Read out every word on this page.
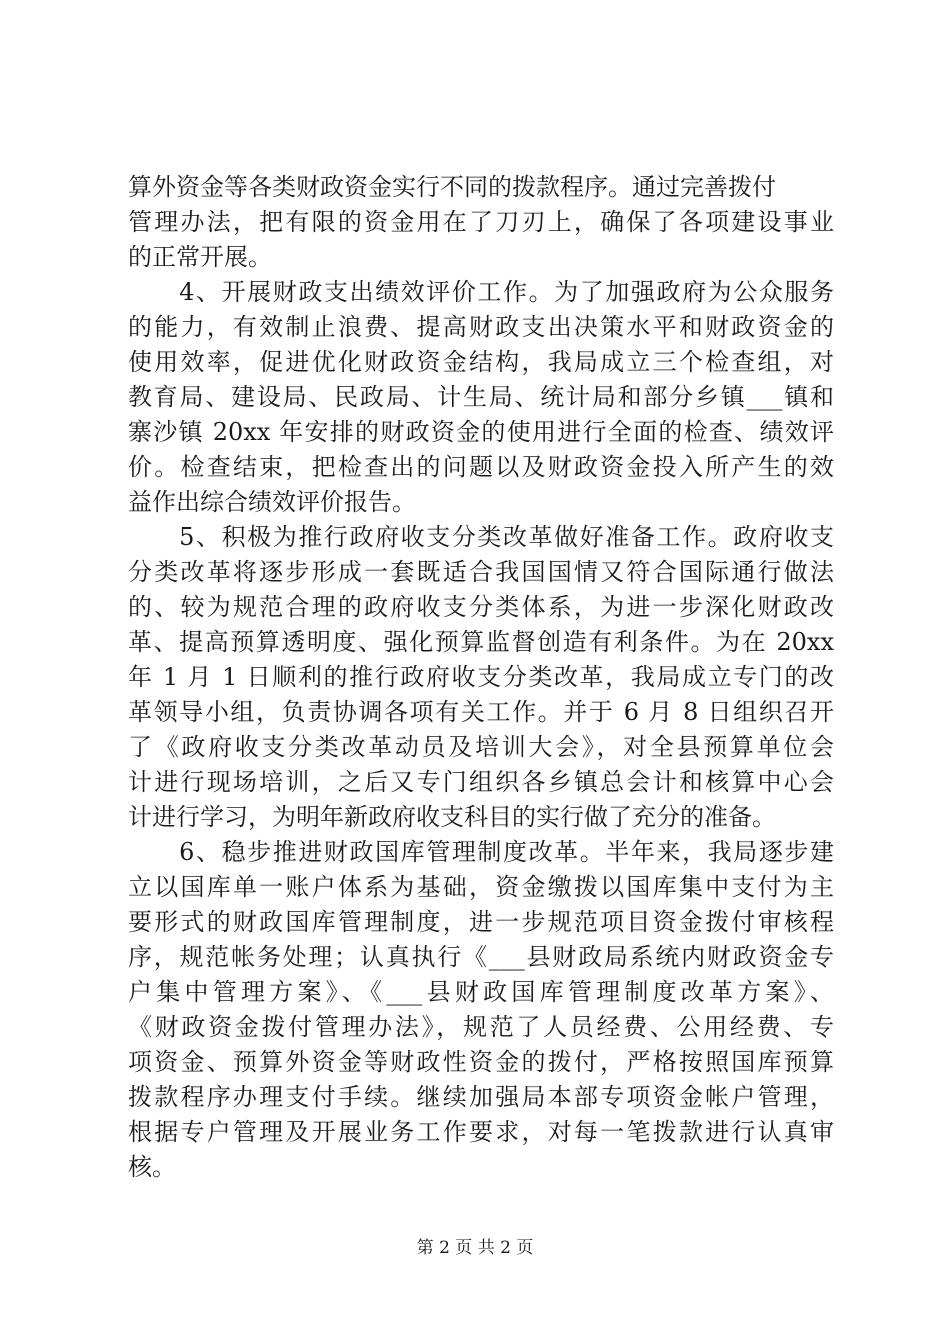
算外资金等各类财政资金实行不同的拨款程序。通过完善拨付
管理办法，把有限的资金用在了刀刃上，确保了各项建设事业
的正常开展。
　　4、开展财政支出绩效评价工作。为了加强政府为公众服务
的能力，有效制止浪费、提高财政支出决策水平和财政资金的
使用效率，促进优化财政资金结构，我局成立三个检查组，对
教育局、建设局、民政局、计生局、统计局和部分乡镇___镇和
寨沙镇 20xx 年安排的财政资金的使用进行全面的检查、绩效评
价。检查结束，把检查出的问题以及财政资金投入所产生的效
益作出综合绩效评价报告。
　　5、积极为推行政府收支分类改革做好准备工作。政府收支
分类改革将逐步形成一套既适合我国国情又符合国际通行做法
的、较为规范合理的政府收支分类体系，为进一步深化财政改
革、提高预算透明度、强化预算监督创造有利条件。为在 20xx
年 1 月 1 日顺利的推行政府收支分类改革，我局成立专门的改
革领导小组，负责协调各项有关工作。并于 6 月 8 日组织召开
了《政府收支分类改革动员及培训大会》，对全县预算单位会
计进行现场培训，之后又专门组织各乡镇总会计和核算中心会
计进行学习，为明年新政府收支科目的实行做了充分的准备。
　　6、稳步推进财政国库管理制度改革。半年来，我局逐步建
立以国库单一账户体系为基础，资金缴拨以国库集中支付为主
要形式的财政国库管理制度，进一步规范项目资金拨付审核程
序，规范帐务处理；认真执行《___县财政局系统内财政资金专
户集中管理方案》、《___县财政国库管理制度改革方案》、
《财政资金拨付管理办法》，规范了人员经费、公用经费、专
项资金、预算外资金等财政性资金的拨付，严格按照国库预算
拨款程序办理支付手续。继续加强局本部专项资金帐户管理，
根据专户管理及开展业务工作要求，对每一笔拨款进行认真审
核。
第 2 页 共 2 页
